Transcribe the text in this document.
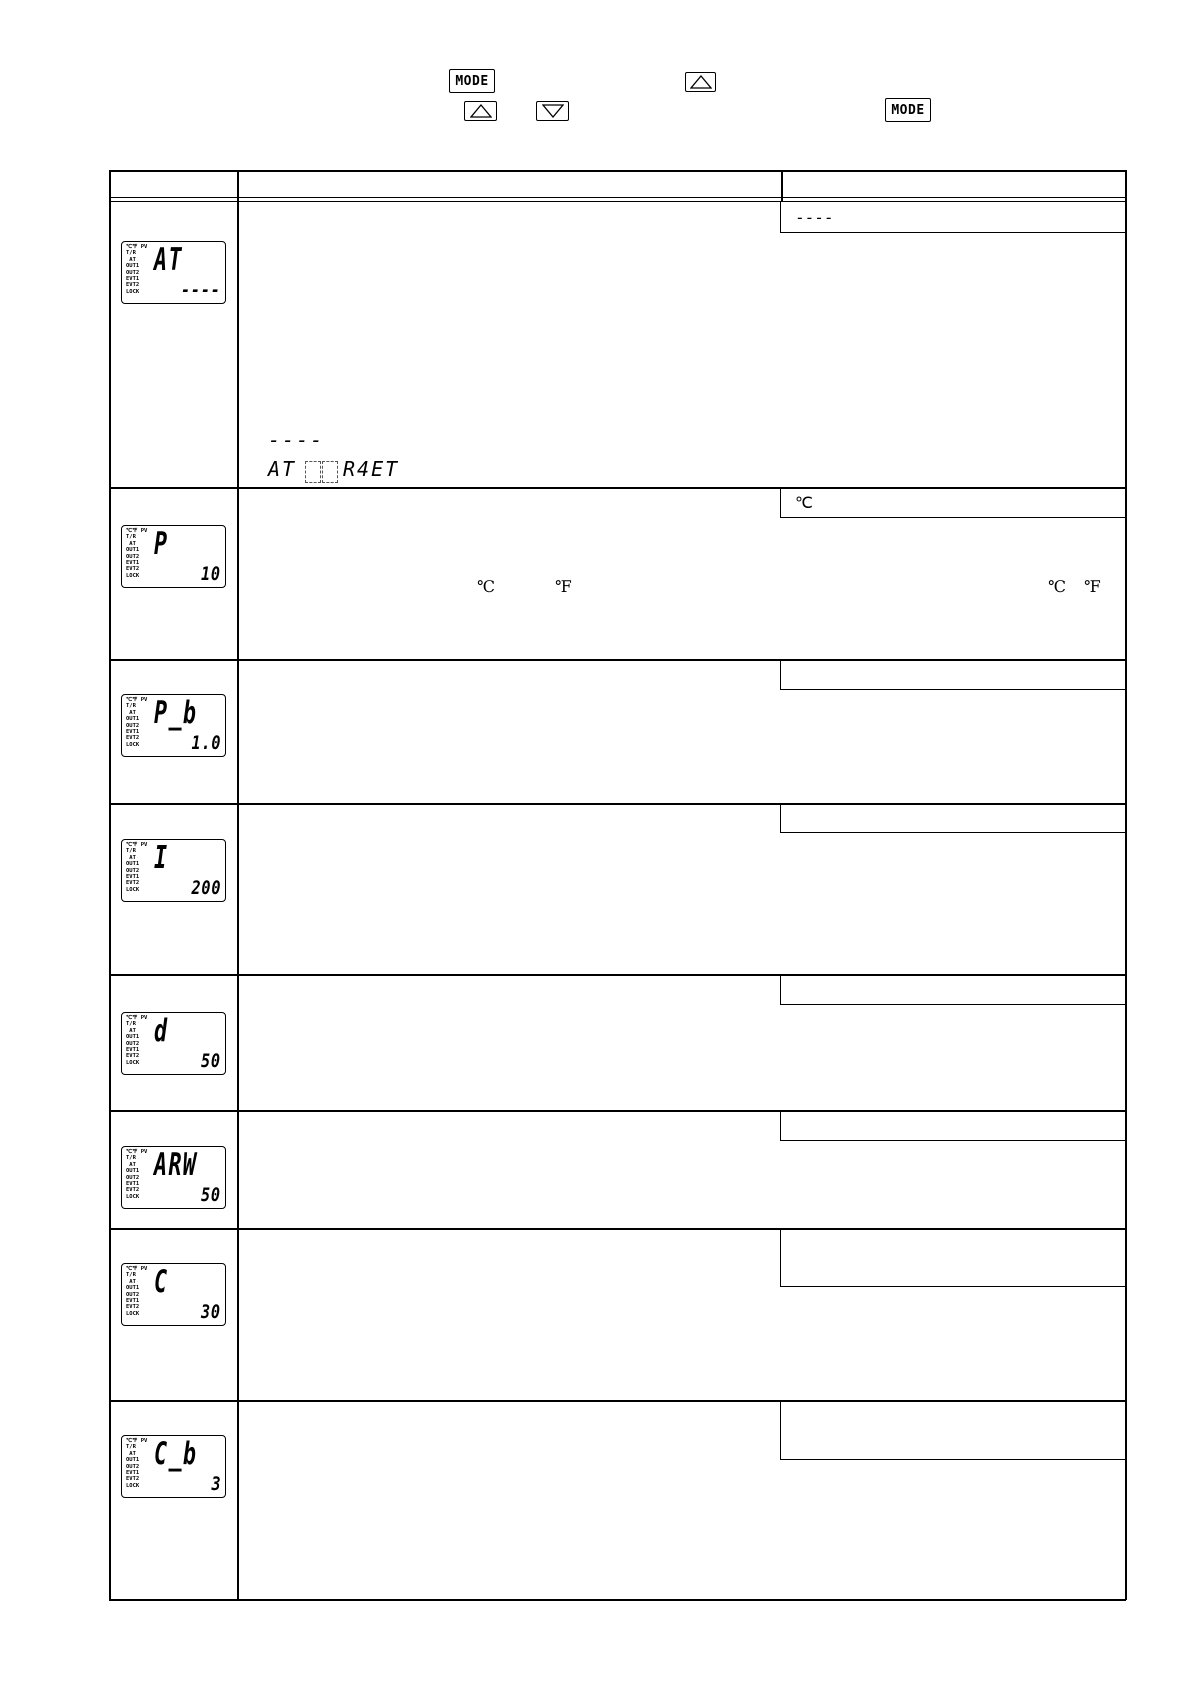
MODE
MODE
----
℃
℃℉ PV
T/R
AT
OUT1
OUT2
EVT1
EVT2
LOCK
AT
----
℃℉ PV
T/R
AT
OUT1
OUT2
EVT1
EVT2
LOCK
P
10
℃℉ PV
T/R
AT
OUT1
OUT2
EVT1
EVT2
LOCK
P_b
1.0
℃℉ PV
T/R
AT
OUT1
OUT2
EVT1
EVT2
LOCK
I
200
℃℉ PV
T/R
AT
OUT1
OUT2
EVT1
EVT2
LOCK
d
50
℃℉ PV
T/R
AT
OUT1
OUT2
EVT1
EVT2
LOCK
ARW
50
℃℉ PV
T/R
AT
OUT1
OUT2
EVT1
EVT2
LOCK
C
30
℃℉ PV
T/R
AT
OUT1
OUT2
EVT1
EVT2
LOCK
C_b
3
----
AT R4ET
℃	℉	℃ ℉
